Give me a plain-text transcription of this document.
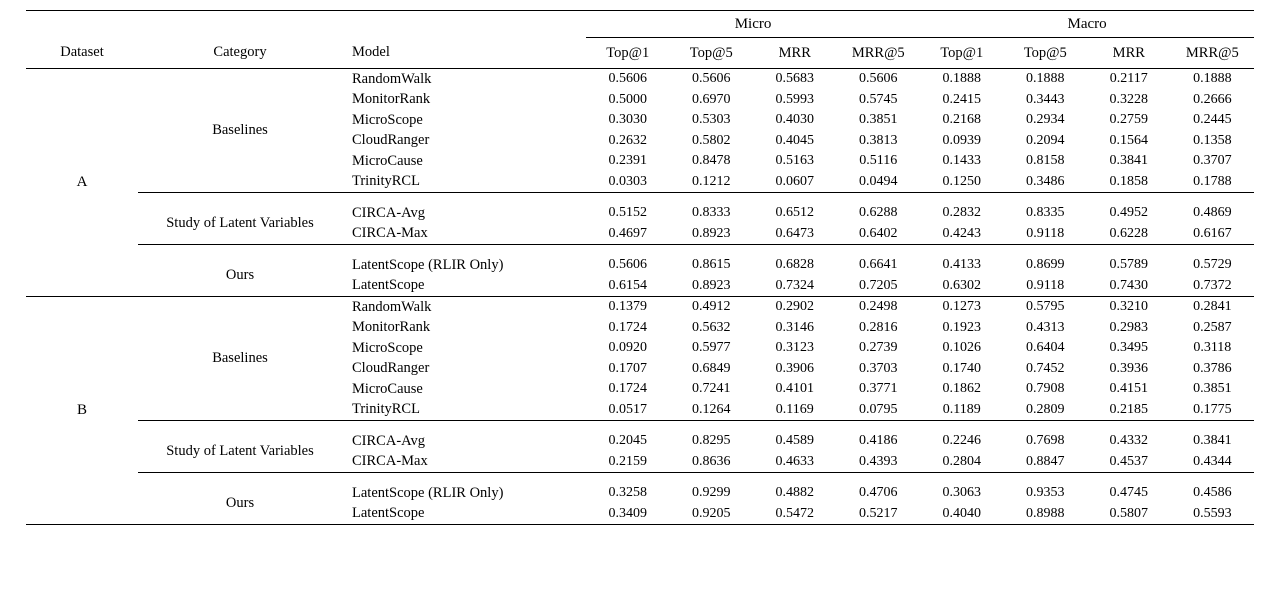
			Micro				Macro			
Dataset	Category	Model	Top@1	Top@5	MRR	MRR@5	Top@1	Top@5	MRR	MRR@5
A	Baselines	RandomWalk	0.5606	0.5606	0.5683	0.5606	0.1888	0.1888	0.2117	0.1888
		MonitorRank	0.5000	0.6970	0.5993	0.5745	0.2415	0.3443	0.3228	0.2666
		MicroScope	0.3030	0.5303	0.4030	0.3851	0.2168	0.2934	0.2759	0.2445
		CloudRanger	0.2632	0.5802	0.4045	0.3813	0.0939	0.2094	0.1564	0.1358
		MicroCause	0.2391	0.8478	0.5163	0.5116	0.1433	0.8158	0.3841	0.3707
		TrinityRCL	0.0303	0.1212	0.0607	0.0494	0.1250	0.3486	0.1858	0.1788

	Study of Latent Variables	CIRCA-Avg	0.5152	0.8333	0.6512	0.6288	0.2832	0.8335	0.4952	0.4869
		CIRCA-Max	0.4697	0.8923	0.6473	0.6402	0.4243	0.9118	0.6228	0.6167

	Ours	LatentScope (RLIR Only)	0.5606	0.8615	0.6828	0.6641	0.4133	0.8699	0.5789	0.5729
		LatentScope	0.6154	0.8923	0.7324	0.7205	0.6302	0.9118	0.7430	0.7372
B	Baselines	RandomWalk	0.1379	0.4912	0.2902	0.2498	0.1273	0.5795	0.3210	0.2841
		MonitorRank	0.1724	0.5632	0.3146	0.2816	0.1923	0.4313	0.2983	0.2587
		MicroScope	0.0920	0.5977	0.3123	0.2739	0.1026	0.6404	0.3495	0.3118
		CloudRanger	0.1707	0.6849	0.3906	0.3703	0.1740	0.7452	0.3936	0.3786
		MicroCause	0.1724	0.7241	0.4101	0.3771	0.1862	0.7908	0.4151	0.3851
		TrinityRCL	0.0517	0.1264	0.1169	0.0795	0.1189	0.2809	0.2185	0.1775

	Study of Latent Variables	CIRCA-Avg	0.2045	0.8295	0.4589	0.4186	0.2246	0.7698	0.4332	0.3841
		CIRCA-Max	0.2159	0.8636	0.4633	0.4393	0.2804	0.8847	0.4537	0.4344

	Ours	LatentScope (RLIR Only)	0.3258	0.9299	0.4882	0.4706	0.3063	0.9353	0.4745	0.4586
		LatentScope	0.3409	0.9205	0.5472	0.5217	0.4040	0.8988	0.5807	0.5593
